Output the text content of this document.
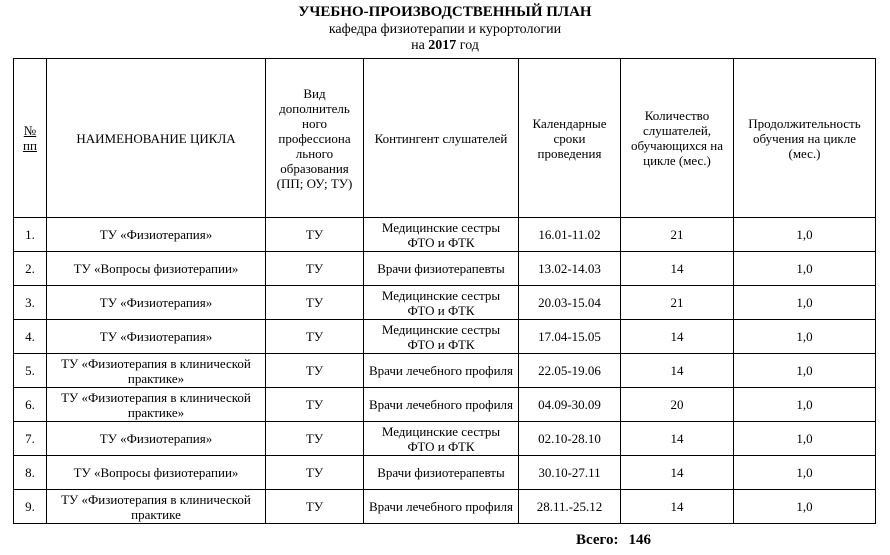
УЧЕБНО-ПРОИЗВОДСТВЕННЫЙ ПЛАН
кафедра физиотерапии и курортологии
на 2017 год
№
пп	НАИМЕНОВАНИЕ ЦИКЛА	Вид дополнитель ного профессиона льного образования (ПП; ОУ; ТУ)	Контингент слушателей	Календарные сроки проведения	Количество слушателей, обучающихся на цикле (мес.)	Продолжительность обучения на цикле (мес.)
1.	ТУ «Физиотерапия»	ТУ	Медицинские сестры ФТО и ФТК	16.01-11.02	21	1,0
2.	ТУ «Вопросы физиотерапии»	ТУ	Врачи физиотерапевты	13.02-14.03	14	1,0
3.	ТУ «Физиотерапия»	ТУ	Медицинские сестры ФТО и ФТК	20.03-15.04	21	1,0
4.	ТУ «Физиотерапия»	ТУ	Медицинские сестры ФТО и ФТК	17.04-15.05	14	1,0
5.	ТУ «Физиотерапия в клинической практике»	ТУ	Врачи лечебного профиля	22.05-19.06	14	1,0
6.	ТУ «Физиотерапия в клинической практике»	ТУ	Врачи лечебного профиля	04.09-30.09	20	1,0
7.	ТУ «Физиотерапия»	ТУ	Медицинские сестры ФТО и ФТК	02.10-28.10	14	1,0
8.	ТУ «Вопросы физиотерапии»	ТУ	Врачи физиотерапевты	30.10-27.11	14	1,0
9.	ТУ «Физиотерапия в клинической практике	ТУ	Врачи лечебного профиля	28.11.-25.12	14	1,0
Всего: 146
